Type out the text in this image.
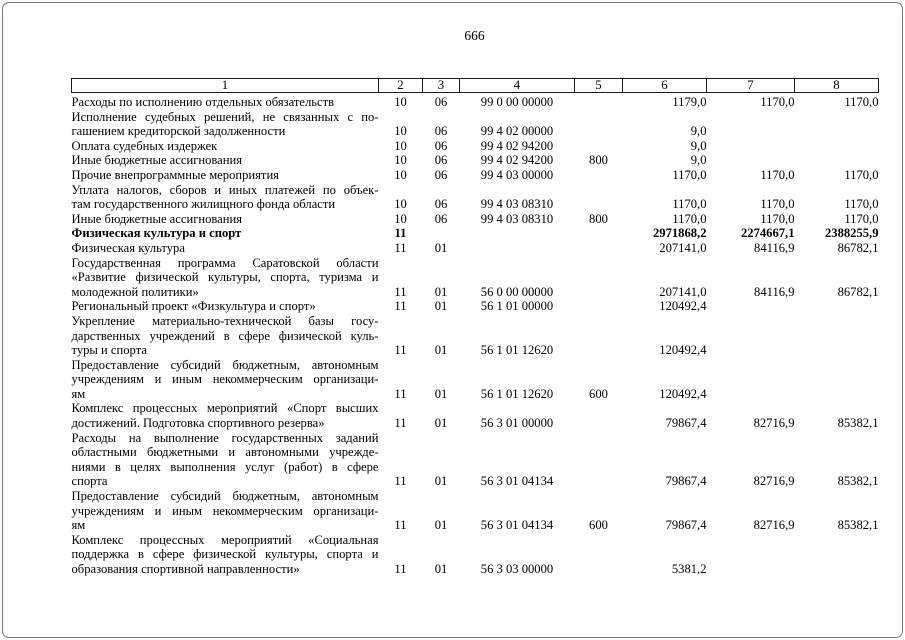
666
1	2	3	4	5	6	7	8

Расходы по исполнению отдельных обязательств	10	06	99 0 00 00000		1179,0	1170,0	1170,0

Исполнение судебных решений, не связанных с по-
гашением кредиторской задолженности	10	06	99 4 02 00000		9,0		

Оплата судебных издержек	10	06	99 4 02 94200		9,0		

Иные бюджетные ассигнования	10	06	99 4 02 94200	800	9,0		

Прочие внепрограммные мероприятия	10	06	99 4 03 00000		1170,0	1170,0	1170,0

Уплата налогов, сборов и иных платежей по объек-
там государственного жилищного фонда области	10	06	99 4 03 08310		1170,0	1170,0	1170,0

Иные бюджетные ассигнования	10	06	99 4 03 08310	800	1170,0	1170,0	1170,0

Физическая культура и спорт	11				2971868,2	2274667,1	2388255,9

Физическая культура	11	01			207141,0	84116,9	86782,1

Государственная программа Саратовской области
«Развитие физической культуры, спорта, туризма и
молодежной политики»	11	01	56 0 00 00000		207141,0	84116,9	86782,1

Региональный проект «Физкультура и спорт»	11	01	56 1 01 00000		120492,4		

Укрепление материально-технической базы госу-
дарственных учреждений в сфере физической куль-
туры и спорта	11	01	56 1 01 12620		120492,4		

Предоставление субсидий бюджетным, автономным
учреждениям и иным некоммерческим организаци-
ям	11	01	56 1 01 12620	600	120492,4		

Комплекс процессных мероприятий «Спорт высших
достижений. Подготовка спортивного резерва»	11	01	56 3 01 00000		79867,4	82716,9	85382,1

Расходы на выполнение государственных заданий
областными бюджетными и автономными учрежде-
ниями в целях выполнения услуг (работ) в сфере
спорта	11	01	56 3 01 04134		79867,4	82716,9	85382,1

Предоставление субсидий бюджетным, автономным
учреждениям и иным некоммерческим организаци-
ям	11	01	56 3 01 04134	600	79867,4	82716,9	85382,1

Комплекс процессных мероприятий «Социальная
поддержка в сфере физической культуры, спорта и
образования спортивной направленности»	11	01	56 3 03 00000		5381,2		
